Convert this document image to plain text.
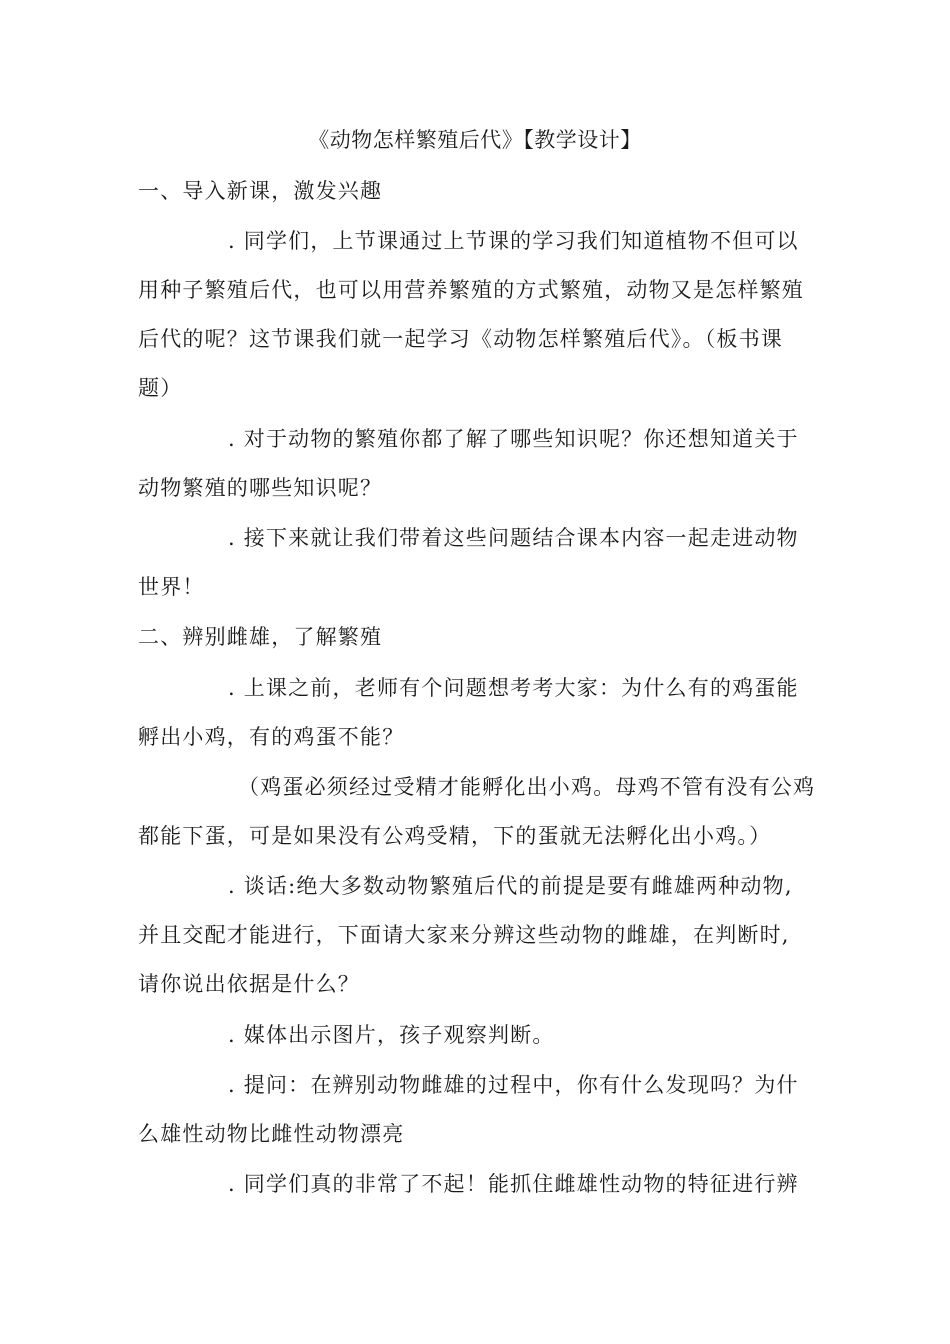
《动物怎样繁殖后代》【教学设计】
一、导入新课，激发兴趣
. 同学们，上节课通过上节课的学习我们知道植物不但可以
用种子繁殖后代，也可以用营养繁殖的方式繁殖，动物又是怎样繁殖
后代的呢？这节课我们就一起学习《动物怎样繁殖后代》。（板书课
题）
. 对于动物的繁殖你都了解了哪些知识呢？你还想知道关于
动物繁殖的哪些知识呢？
. 接下来就让我们带着这些问题结合课本内容一起走进动物
世界！
二、辨别雌雄，了解繁殖
. 上课之前，老师有个问题想考考大家：为什么有的鸡蛋能
孵出小鸡，有的鸡蛋不能？
（鸡蛋必须经过受精才能孵化出小鸡。母鸡不管有没有公鸡
都能下蛋，可是如果没有公鸡受精，下的蛋就无法孵化出小鸡。）
. 谈话:绝大多数动物繁殖后代的前提是要有雌雄两种动物,
并且交配才能进行，下面请大家来分辨这些动物的雌雄，在判断时,
请你说出依据是什么？
. 媒体出示图片，孩子观察判断。
. 提问：在辨别动物雌雄的过程中，你有什么发现吗？为什
么雄性动物比雌性动物漂亮
. 同学们真的非常了不起！能抓住雌雄性动物的特征进行辨
